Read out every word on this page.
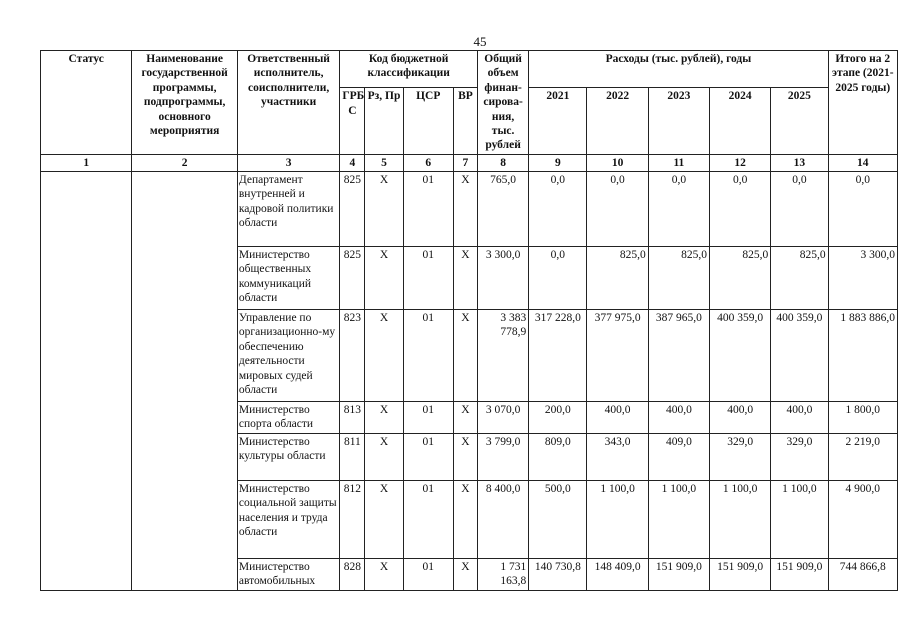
45
Статус	Наименование государственной программы, подпрограммы, основного мероприятия	Ответственный исполнитель, соисполнители, участники	Код бюджетной классификации				Общий объем финан-сирова-ния, тыс. рублей	Расходы (тыс. рублей), годы					Итого на 2 этапе (2021-2025 годы)
			ГРБ С	Рз, Пр	ЦСР	ВР		2021	2022	2023	2024	2025	
1	2	3	4	5	6	7	8	9	10	11	12	13	14
		Департамент внутренней и кадровой политики области	825	Х	01	Х	765,0	0,0	0,0	0,0	0,0	0,0	0,0
		Министерство общественных коммуникаций области	825	Х	01	Х	3 300,0	0,0	825,0	825,0	825,0	825,0	3 300,0
		Управление по организационно-му обеспечению деятельности мировых судей области	823	Х	01	Х	3 383 778,9	317 228,0	377 975,0	387 965,0	400 359,0	400 359,0	1 883 886,0
		Министерство спорта области	813	Х	01	Х	3 070,0	200,0	400,0	400,0	400,0	400,0	1 800,0
		Министерство культуры области	811	Х	01	Х	3 799,0	809,0	343,0	409,0	329,0	329,0	2 219,0
		Министерство социальной защиты населения и труда области	812	Х	01	Х	8 400,0	500,0	1 100,0	1 100,0	1 100,0	1 100,0	4 900,0
		Министерство автомобильных	828	Х	01	Х	1 731 163,8	140 730,8	148 409,0	151 909,0	151 909,0	151 909,0	744 866,8
